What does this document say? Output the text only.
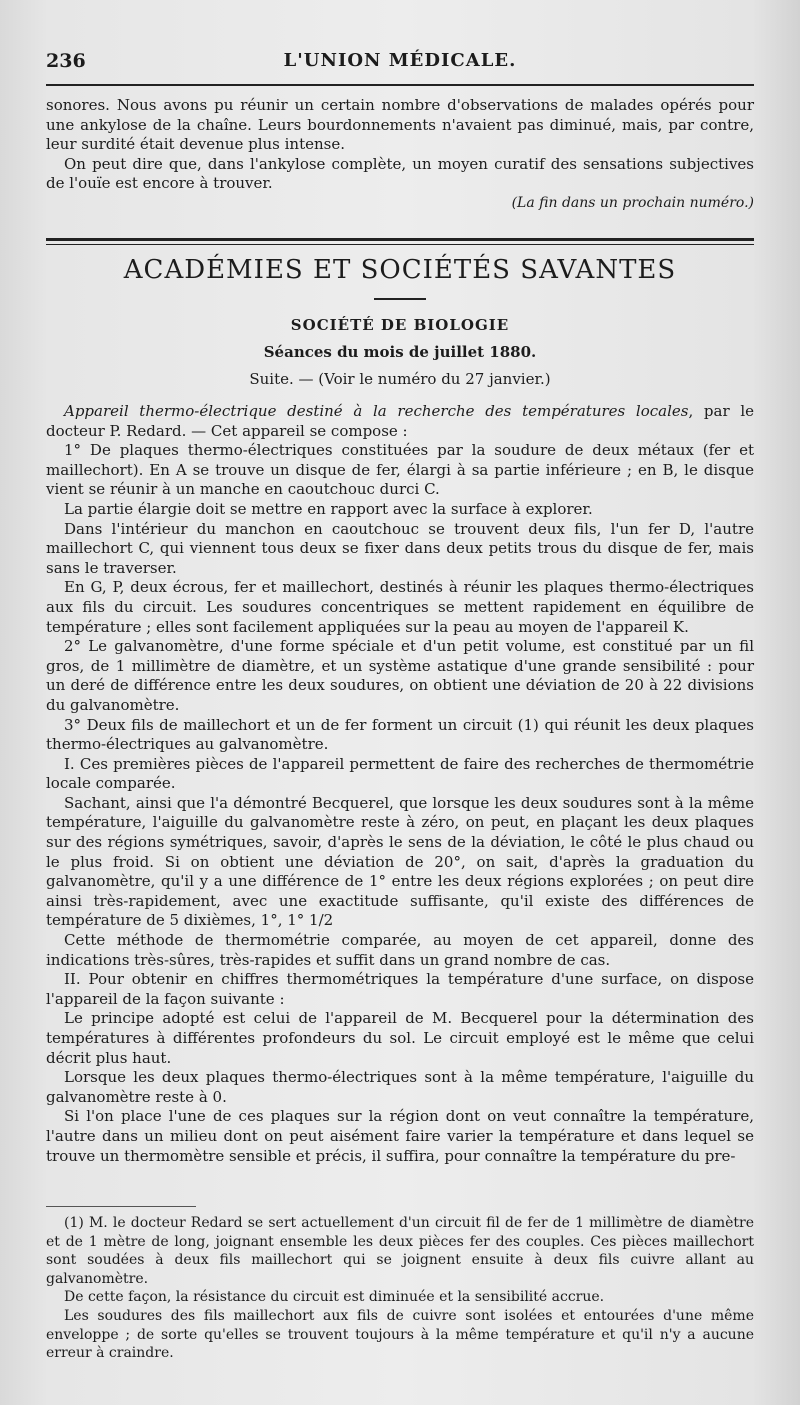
236	L'UNION MÉDICALE.

sonores. Nous avons pu réunir un certain nombre d'observations de malades opérés pour une ankylose de la chaîne. Leurs bourdonnements n'avaient pas diminué, mais, par contre, leur surdité était devenue plus intense.

On peut dire que, dans l'ankylose complète, un moyen curatif des sensations subjectives de l'ouïe est encore à trouver.

(La fin dans un prochain numéro.)
ACADÉMIES ET SOCIÉTÉS SAVANTES
SOCIÉTÉ DE BIOLOGIE
Séances du mois de juillet 1880.
Suite. — (Voir le numéro du 27 janvier.)

Appareil thermo-électrique destiné à la recherche des températures locales, par le docteur P. Redard. — Cet appareil se compose :

1° De plaques thermo-électriques constituées par la soudure de deux métaux (fer et maillechort). En A se trouve un disque de fer, élargi à sa partie inférieure ; en B, le disque vient se réunir à un manche en caoutchouc durci C.

La partie élargie doit se mettre en rapport avec la surface à explorer.

Dans l'intérieur du manchon en caoutchouc se trouvent deux fils, l'un fer D, l'autre maillechort C, qui viennent tous deux se fixer dans deux petits trous du disque de fer, mais sans le traverser.

En G, P, deux écrous, fer et maillechort, destinés à réunir les plaques thermo-électriques aux fils du circuit. Les soudures concentriques se mettent rapidement en équilibre de température ; elles sont facilement appliquées sur la peau au moyen de l'appareil K.

2° Le galvanomètre, d'une forme spéciale et d'un petit volume, est constitué par un fil gros, de 1 millimètre de diamètre, et un système astatique d'une grande sensibilité : pour un deré de différence entre les deux soudures, on obtient une déviation de 20 à 22 divisions du galvanomètre.

3° Deux fils de maillechort et un de fer forment un circuit (1) qui réunit les deux plaques thermo-électriques au galvanomètre.

I. Ces premières pièces de l'appareil permettent de faire des recherches de thermométrie locale comparée.

Sachant, ainsi que l'a démontré Becquerel, que lorsque les deux soudures sont à la même température, l'aiguille du galvanomètre reste à zéro, on peut, en plaçant les deux plaques sur des régions symétriques, savoir, d'après le sens de la déviation, le côté le plus chaud ou le plus froid. Si on obtient une déviation de 20°, on sait, d'après la graduation du galvanomètre, qu'il y a une différence de 1° entre les deux régions explorées ; on peut dire ainsi très-rapidement, avec une exactitude suffisante, qu'il existe des différences de température de 5 dixièmes, 1°, 1° 1/2

Cette méthode de thermométrie comparée, au moyen de cet appareil, donne des indications très-sûres, très-rapides et suffit dans un grand nombre de cas.

II. Pour obtenir en chiffres thermométriques la température d'une surface, on dispose l'appareil de la façon suivante :

Le principe adopté est celui de l'appareil de M. Becquerel pour la détermination des températures à différentes profondeurs du sol. Le circuit employé est le même que celui décrit plus haut.

Lorsque les deux plaques thermo-électriques sont à la même température, l'aiguille du galvanomètre reste à 0.

Si l'on place l'une de ces plaques sur la région dont on veut connaître la température, l'autre dans un milieu dont on peut aisément faire varier la température et dans lequel se trouve un thermomètre sensible et précis, il suffira, pour connaître la température du pre-

(1) M. le docteur Redard se sert actuellement d'un circuit fil de fer de 1 millimètre de diamètre et de 1 mètre de long, joignant ensemble les deux pièces fer des couples. Ces pièces maillechort sont soudées à deux fils maillechort qui se joignent ensuite à deux fils cuivre allant au galvanomètre.

De cette façon, la résistance du circuit est diminuée et la sensibilité accrue.

Les soudures des fils maillechort aux fils de cuivre sont isolées et entourées d'une même enveloppe ; de sorte qu'elles se trouvent toujours à la même température et qu'il n'y a aucune erreur à craindre.
